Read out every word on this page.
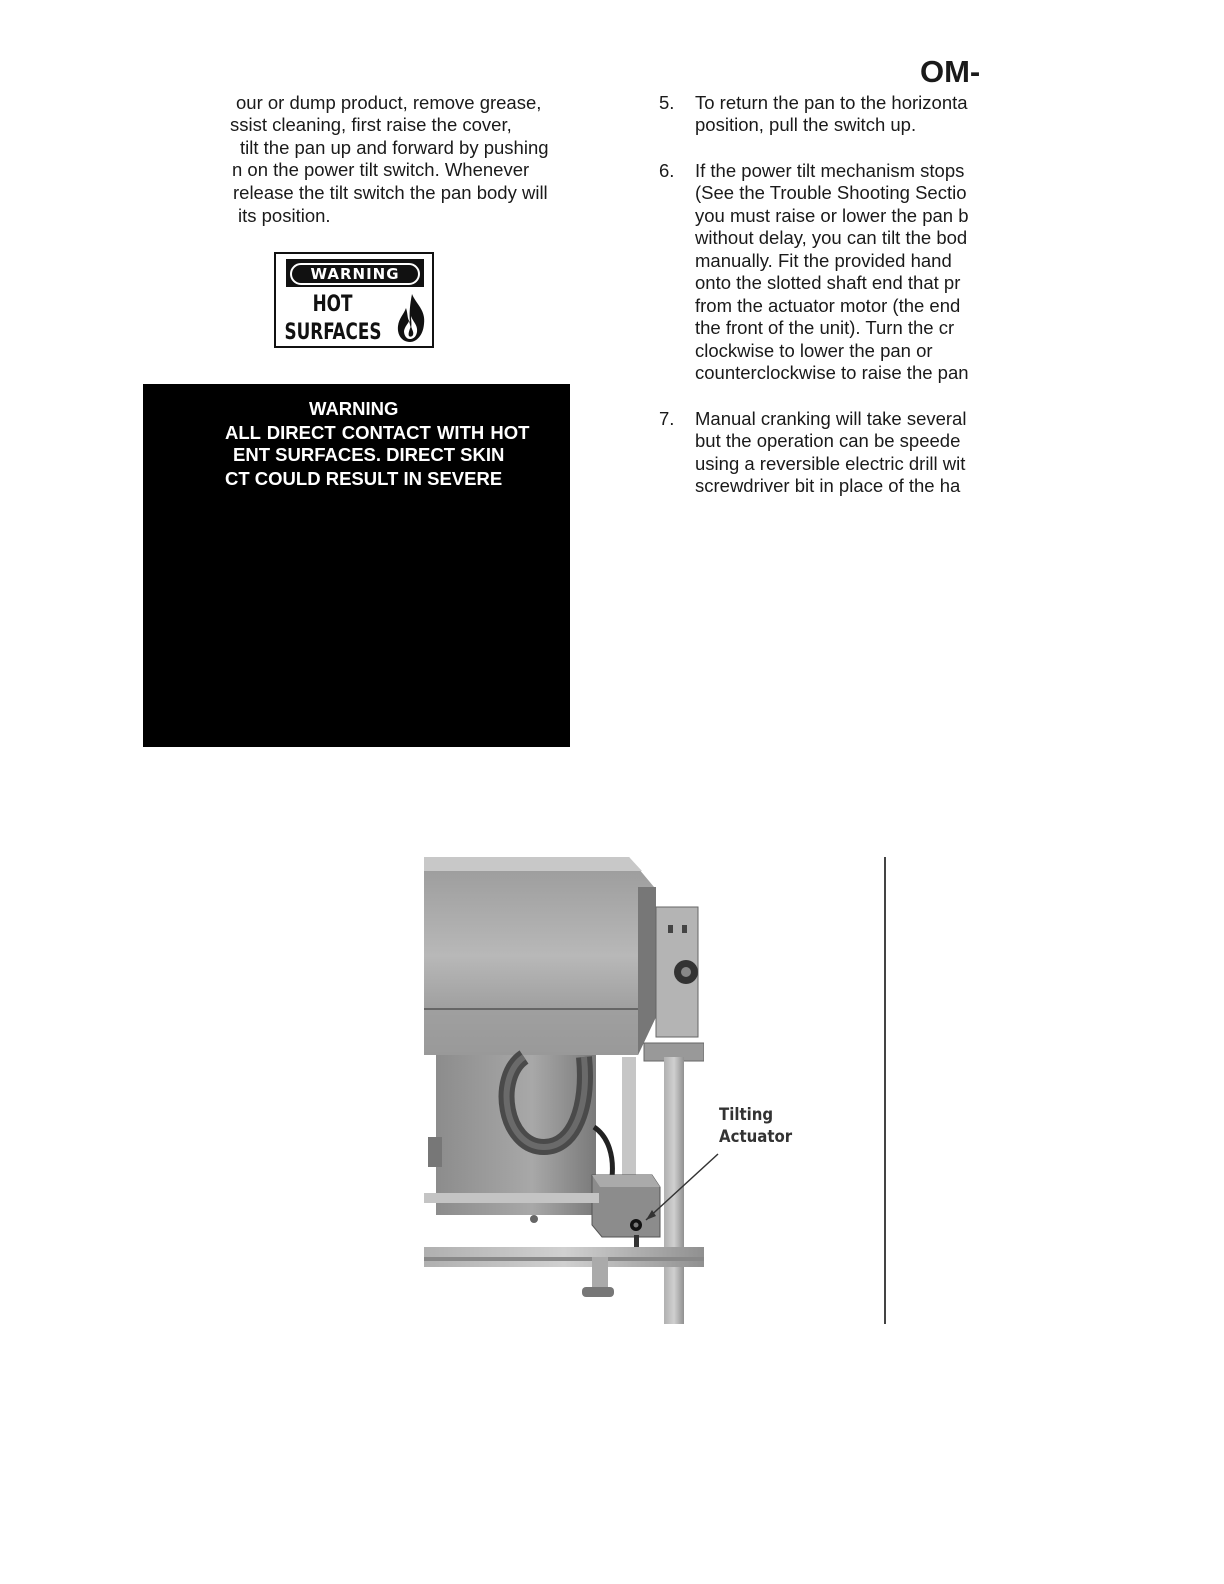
OM-
our or dump product, remove grease,
ssist cleaning, first raise the cover,
tilt the pan up and forward by pushing
n on the power tilt switch. Whenever
release the tilt switch the pan body will
its position.
WARNING
HOT
SURFACES
WARNING
ALL DIRECT CONTACT WITH HOT
ENT SURFACES. DIRECT SKIN
CT COULD RESULT IN SEVERE
5. To return the pan to the horizonta
position, pull the switch up.
6. If the power tilt mechanism stops
(See the Trouble Shooting Sectio
you must raise or lower the pan b
without delay, you can tilt the bod
manually. Fit the provided hand
onto the slotted shaft end that pr
from the actuator motor (the end
the front of the unit). Turn the cr
clockwise to lower the pan or
counterclockwise to raise the pan
7. Manual cranking will take several
but the operation can be speede
using a reversible electric drill wit
screwdriver bit in place of the ha
Tilting
Actuator
